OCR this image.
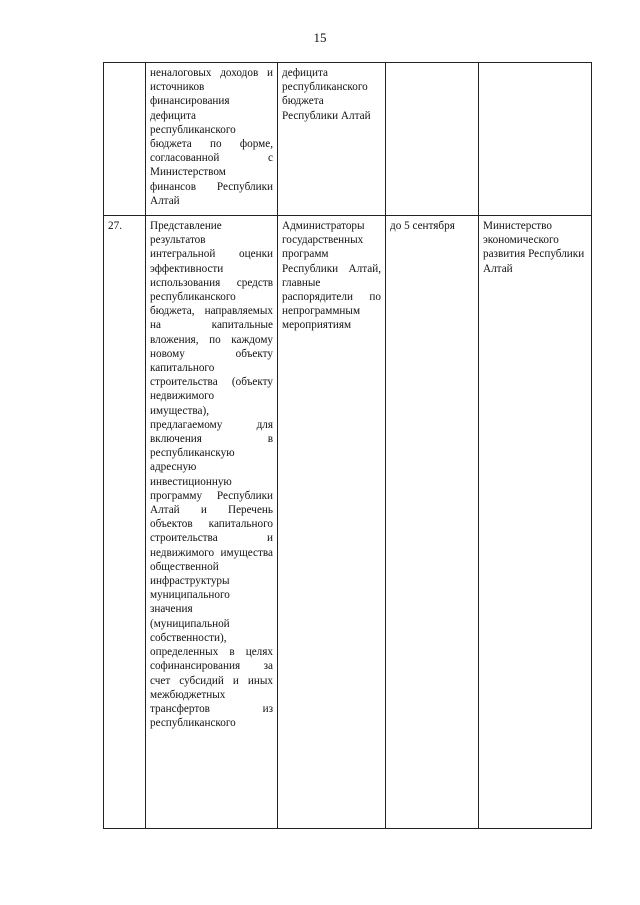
15
	неналоговых доходов и источников финансирования дефицита республиканского бюджета по форме, согласованной с Министерством финансов Республики Алтай	дефицита республиканского бюджета Республики Алтай		
27.	Представление результатов интегральной оценки эффективности использования средств республиканского бюджета, направляемых на капитальные вложения, по каждому новому объекту капитального строительства (объекту недвижимого имущества), предлагаемому для включения в республиканскую адресную инвестиционную программу Республики Алтай и Перечень объектов капитального строительства и недвижимого имущества общественной инфраструктуры муниципального значения (муниципальной собственности), определенных в целях софинансирования за счет субсидий и иных межбюджетных трансфертов из республиканского	Администраторы государственных программ Республики Алтай, главные распорядители по непрограммным мероприятиям	до 5 сентября	Министерство экономического развития Республики Алтай
